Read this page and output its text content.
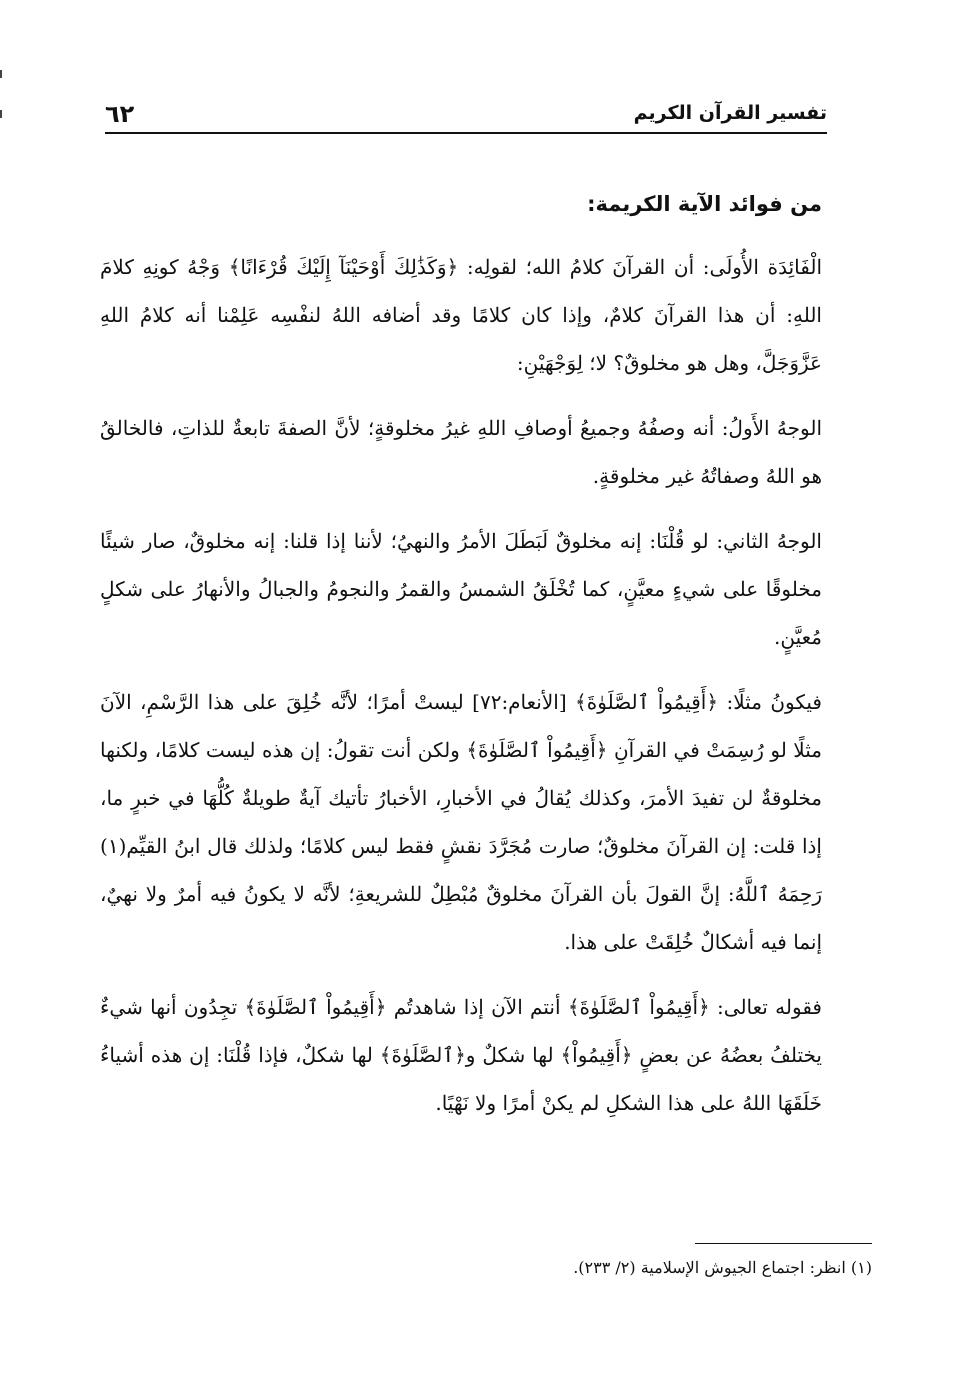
تفسير القرآن الكريم
٦٢
من فوائد الآية الكريمة:

الْفَائِدَة الأُولَى: أن القرآنَ كلامُ الله؛ لقولِه: ﴿وَكَذَٰلِكَ أَوْحَيْنَآ إِلَيْكَ قُرْءَانًا﴾ وَجْهُ كونِهِ كلامَ اللهِ: أن هذا القرآنَ كلامٌ، وإذا كان كلامًا وقد أضافه اللهُ لنفْسِه عَلِمْنا أنه كلامُ اللهِ عَزَّوَجَلَّ، وهل هو مخلوقٌ؟ لا؛ لِوَجْهَيْنِ:

الوجهُ الأَولُ: أنه وصفُهُ وجميعُ أوصافِ اللهِ غيرُ مخلوقةٍ؛ لأنَّ الصفةَ تابعةٌ للذاتِ، فالخالقُ هو اللهُ وصفاتُهُ غير مخلوقةٍ.

الوجهُ الثاني: لو قُلْنَا: إنه مخلوقٌ لَبَطَلَ الأمرُ والنهيُ؛ لأننا إذا قلنا: إنه مخلوقٌ، صار شيئًا مخلوقًا على شيءٍ معيَّنٍ، كما تُخْلَقُ الشمسُ والقمرُ والنجومُ والجبالُ والأنهارُ على شكلٍ مُعيَّنٍ.

فيكونُ مثلًا: ﴿أَقِيمُواْ ٱلصَّلَوٰةَ﴾ [الأنعام:٧٢] ليستْ أمرًا؛ لأنَّه خُلِقَ على هذا الرَّسْمِ، الآنَ مثلًا لو رُسِمَتْ في القرآنِ ﴿أَقِيمُواْ ٱلصَّلَوٰةَ﴾ ولكن أنت تقولُ: إن هذه ليست كلامًا، ولكنها مخلوقةٌ لن تفيدَ الأمرَ، وكذلك يُقالُ في الأخبارِ، الأخبارُ تأتيك آيةٌ طويلةٌ كُلُّهَا في خبرٍ ما، إذا قلت: إن القرآنَ مخلوقٌ؛ صارت مُجَرَّدَ نقشٍ فقط ليس كلامًا؛ ولذلك قال ابنُ القيِّم(١) رَحِمَهُ ٱللَّهُ: إنَّ القولَ بأن القرآنَ مخلوقٌ مُبْطِلٌ للشريعةِ؛ لأنَّه لا يكونُ فيه أمرٌ ولا نهيٌ، إنما فيه أشكالٌ خُلِقَتْ على هذا.

فقوله تعالى: ﴿أَقِيمُواْ ٱلصَّلَوٰةَ﴾ أنتم الآن إذا شاهدتُم ﴿أَقِيمُواْ ٱلصَّلَوٰةَ﴾ تجِدُون أنها شيءٌ يختلفُ بعضُهُ عن بعضٍ ﴿أَقِيمُواْ﴾ لها شكلٌ و﴿ٱلصَّلَوٰةَ﴾ لها شكلٌ، فإذا قُلْنَا: إن هذه أشياءُ خَلَقَهَا اللهُ على هذا الشكلِ لم يكنْ أمرًا ولا نَهْيًا.

(١) انظر: اجتماع الجيوش الإسلامية (٢/ ٢٣٣).
